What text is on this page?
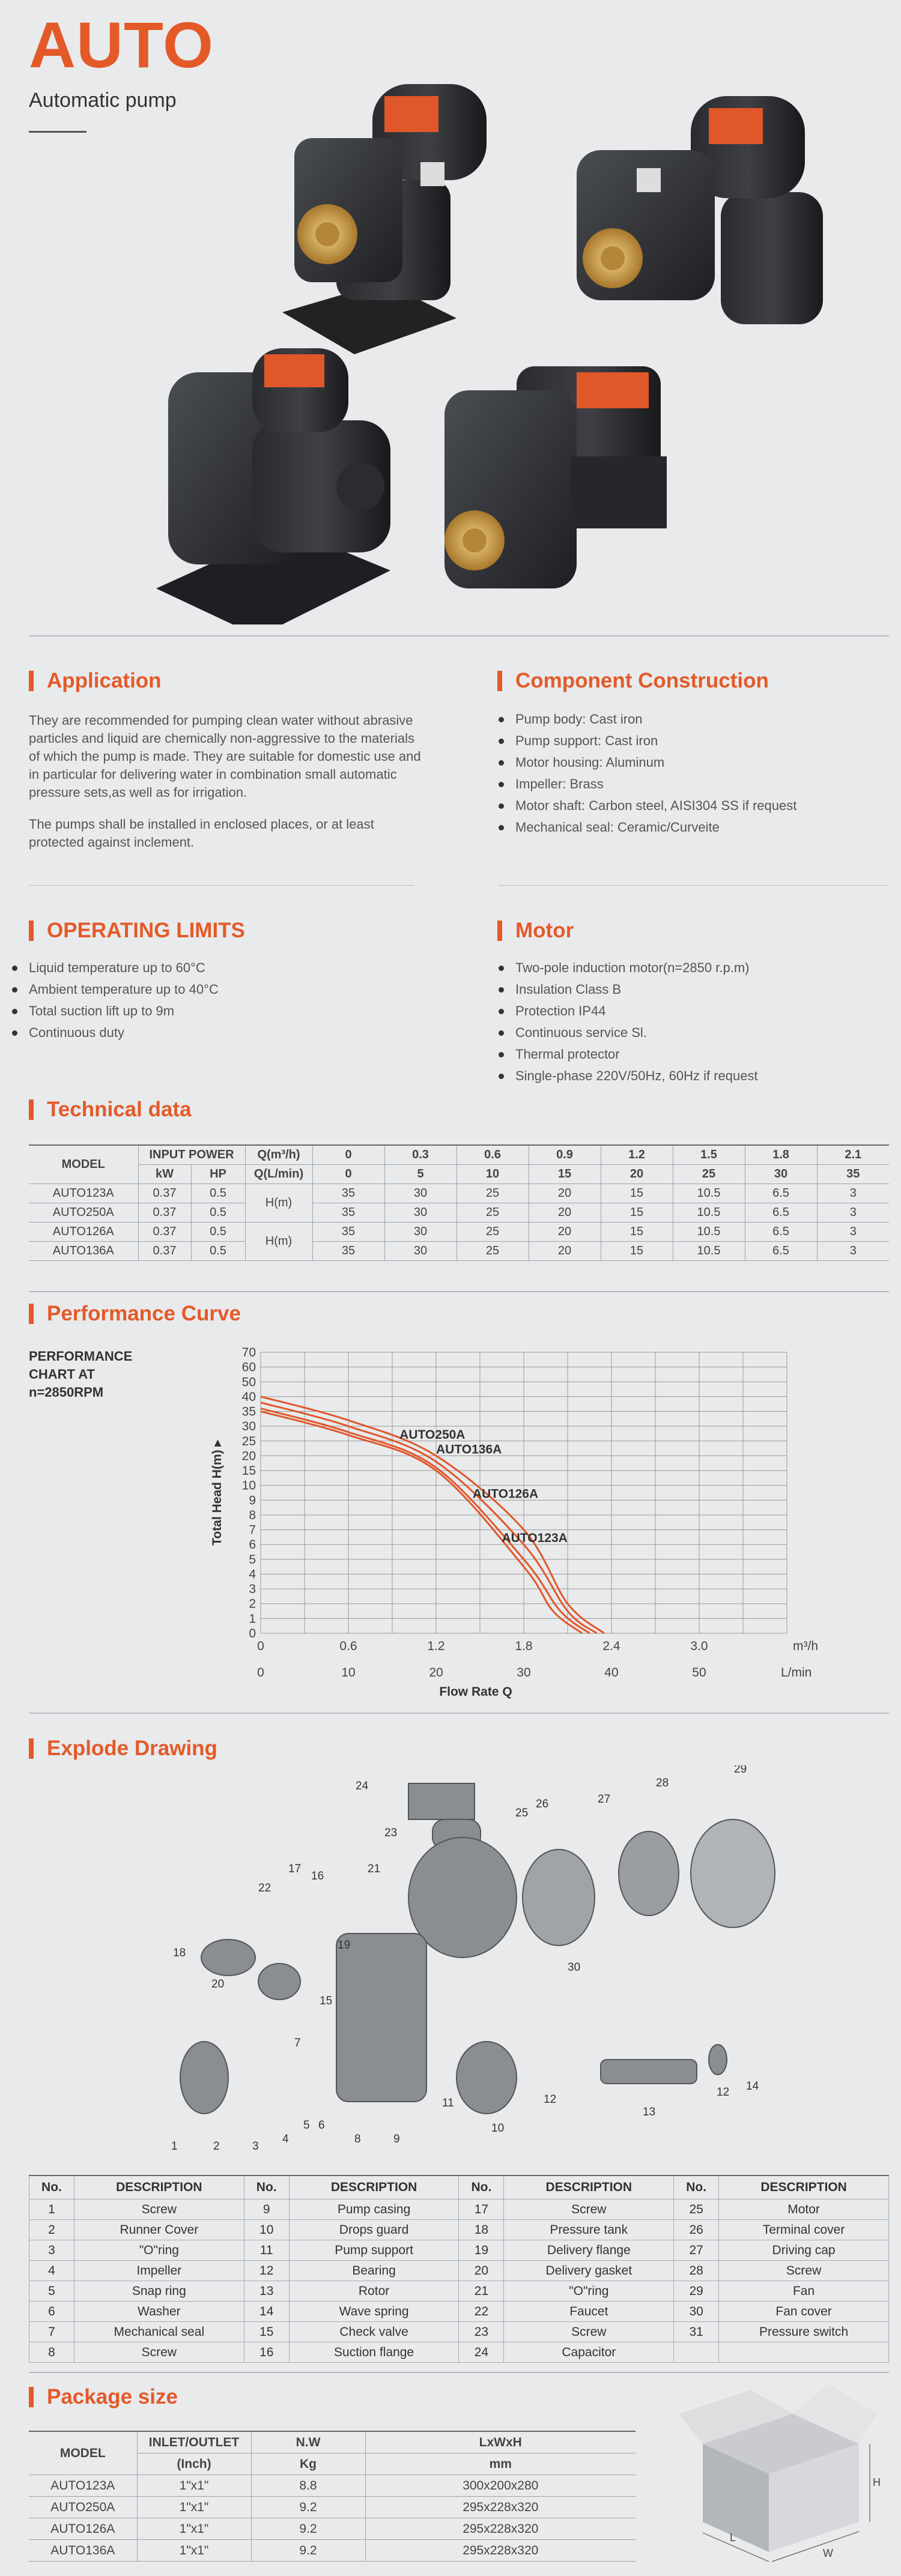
AUTO
Automatic pump
Application
They are recommended for pumping clean water without abrasive particles and liquid are chemically non-aggressive to the materials of which the pump is made. They are suitable for domestic use and in particular for delivering water in combination small automatic pressure sets,as well as for irrigation.
The pumps shall be installed in enclosed places, or at least protected against inclement.
Component Construction
Pump body: Cast iron
Pump support: Cast iron
Motor housing: Aluminum
Impeller: Brass
Motor shaft: Carbon steel, AISI304 SS if request
Mechanical seal: Ceramic/Curveite
OPERATING LIMITS
Liquid temperature up to 60°C
Ambient temperature up to 40°C
Total suction lift up to 9m
Continuous duty
Motor
Two-pole induction motor(n=2850 r.p.m)
Insulation Class B
Protection IP44
Continuous service Sl.
Thermal protector
Single-phase 220V/50Hz, 60Hz if request
Technical data
MODEL	INPUT POWER		Q(m³/h)	0	0.3	0.6	0.9	1.2	1.5	1.8	2.1
	kW	HP	Q(L/min)	0	5	10	15	20	25	30	35
AUTO123A	0.37	0.5	H(m)	35	30	25	20	15	10.5	6.5	3
AUTO250A	0.37	0.5		35	30	25	20	15	10.5	6.5	3
AUTO126A	0.37	0.5	H(m)	35	30	25	20	15	10.5	6.5	3
AUTO136A	0.37	0.5		35	30	25	20	15	10.5	6.5	3
Performance Curve
PERFORMANCE
CHART AT
n=2850RPM
0
1
2
3
4
5
6
7
8
9
10
15
20
25
30
35
40
50
60
70
0	0.6	1.2	1.8	2.4	3.0	m³/h
0	10	20	30	40	50	L/min
Flow Rate Q
Total Head H(m) ▸
AUTO250A
AUTO136A
AUTO126A
AUTO123A
Explode Drawing
1	2	3
4
5 6
7
8	9
10
11	12
12
13
14
15
16
17
18
19
20
21
22
23
24
25
26	27
28
29
30
No.	DESCRIPTION	No.	DESCRIPTION	No.	DESCRIPTION	No.	DESCRIPTION
1	Screw	9	Pump casing	17	Screw	25	Motor
2	Runner Cover	10	Drops guard	18	Pressure tank	26	Terminal cover
3	"O"ring	11	Pump support	19	Delivery flange	27	Driving cap
4	Impeller	12	Bearing	20	Delivery gasket	28	Screw
5	Snap ring	13	Rotor	21	"O"ring	29	Fan
6	Washer	14	Wave spring	22	Faucet	30	Fan cover
7	Mechanical seal	15	Check valve	23	Screw	31	Pressure switch
8	Screw	16	Suction flange	24	Capacitor		
Package size
MODEL	INLET/OUTLET	N.W	LxWxH
	(Inch)	Kg	mm
AUTO123A	1"x1"	8.8	300x200x280
AUTO250A	1"x1"	9.2	295x228x320
AUTO126A	1"x1"	9.2	295x228x320
AUTO136A	1"x1"	9.2	295x228x320
L
W
H
